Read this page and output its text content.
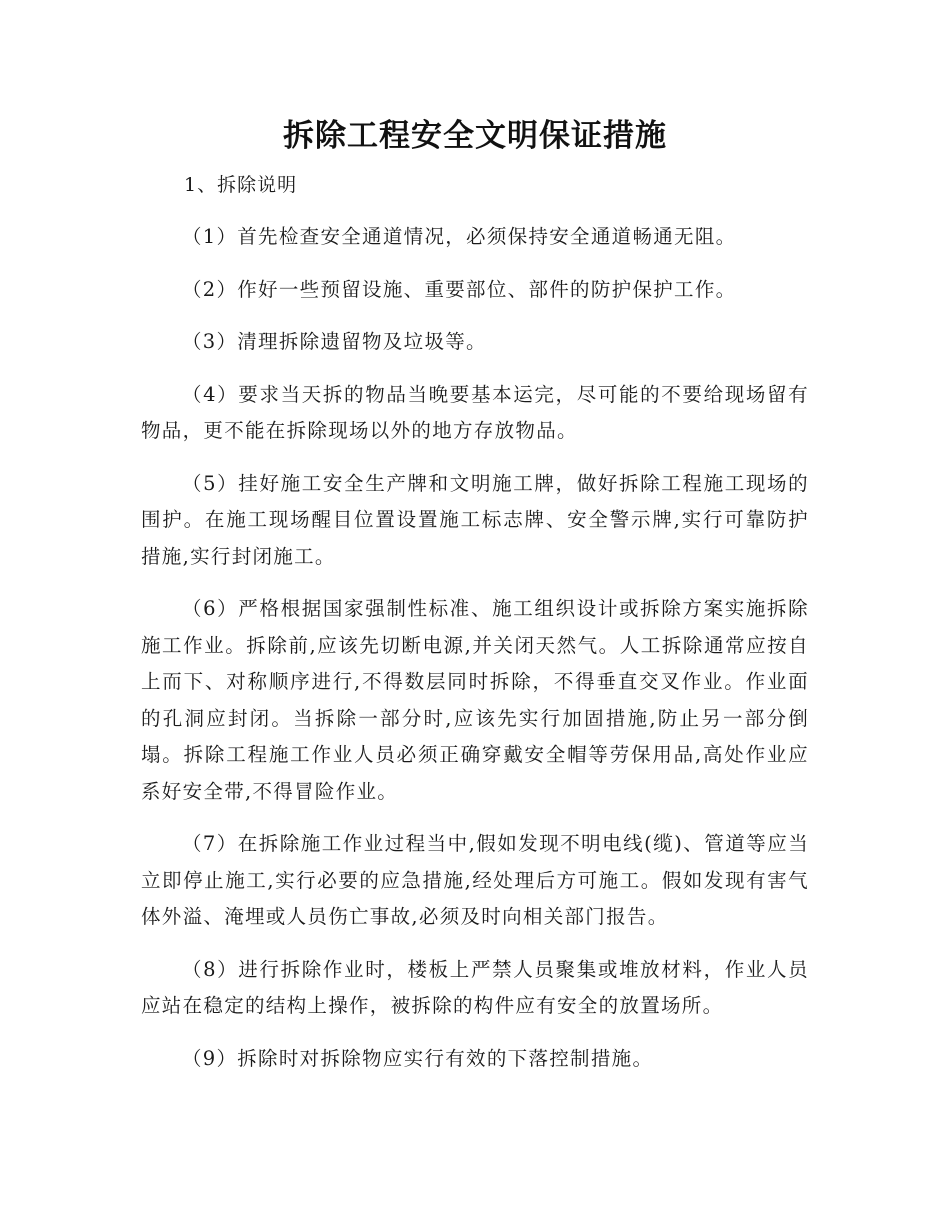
拆除工程安全文明保证措施
1、拆除说明

（1）首先检查安全通道情况，必须保持安全通道畅通无阻。

（2）作好一些预留设施、重要部位、部件的防护保护工作。

（3）清理拆除遗留物及垃圾等。

（4）要求当天拆的物品当晚要基本运完，尽可能的不要给现场留有物品，更不能在拆除现场以外的地方存放物品。

（5）挂好施工安全生产牌和文明施工牌，做好拆除工程施工现场的围护。在施工现场醒目位置设置施工标志牌、安全警示牌,实行可靠防护措施,实行封闭施工。

（6）严格根据国家强制性标准、施工组织设计或拆除方案实施拆除施工作业。拆除前,应该先切断电源,并关闭天然气。人工拆除通常应按自上而下、对称顺序进行,不得数层同时拆除，不得垂直交叉作业。作业面的孔洞应封闭。当拆除一部分时,应该先实行加固措施,防止另一部分倒塌。拆除工程施工作业人员必须正确穿戴安全帽等劳保用品,高处作业应系好安全带,不得冒险作业。

（7）在拆除施工作业过程当中,假如发现不明电线(缆)、管道等应当立即停止施工,实行必要的应急措施,经处理后方可施工。假如发现有害气体外溢、淹埋或人员伤亡事故,必须及时向相关部门报告。

（8）进行拆除作业时，楼板上严禁人员聚集或堆放材料，作业人员应站在稳定的结构上操作，被拆除的构件应有安全的放置场所。

（9）拆除时对拆除物应实行有效的下落控制措施。
